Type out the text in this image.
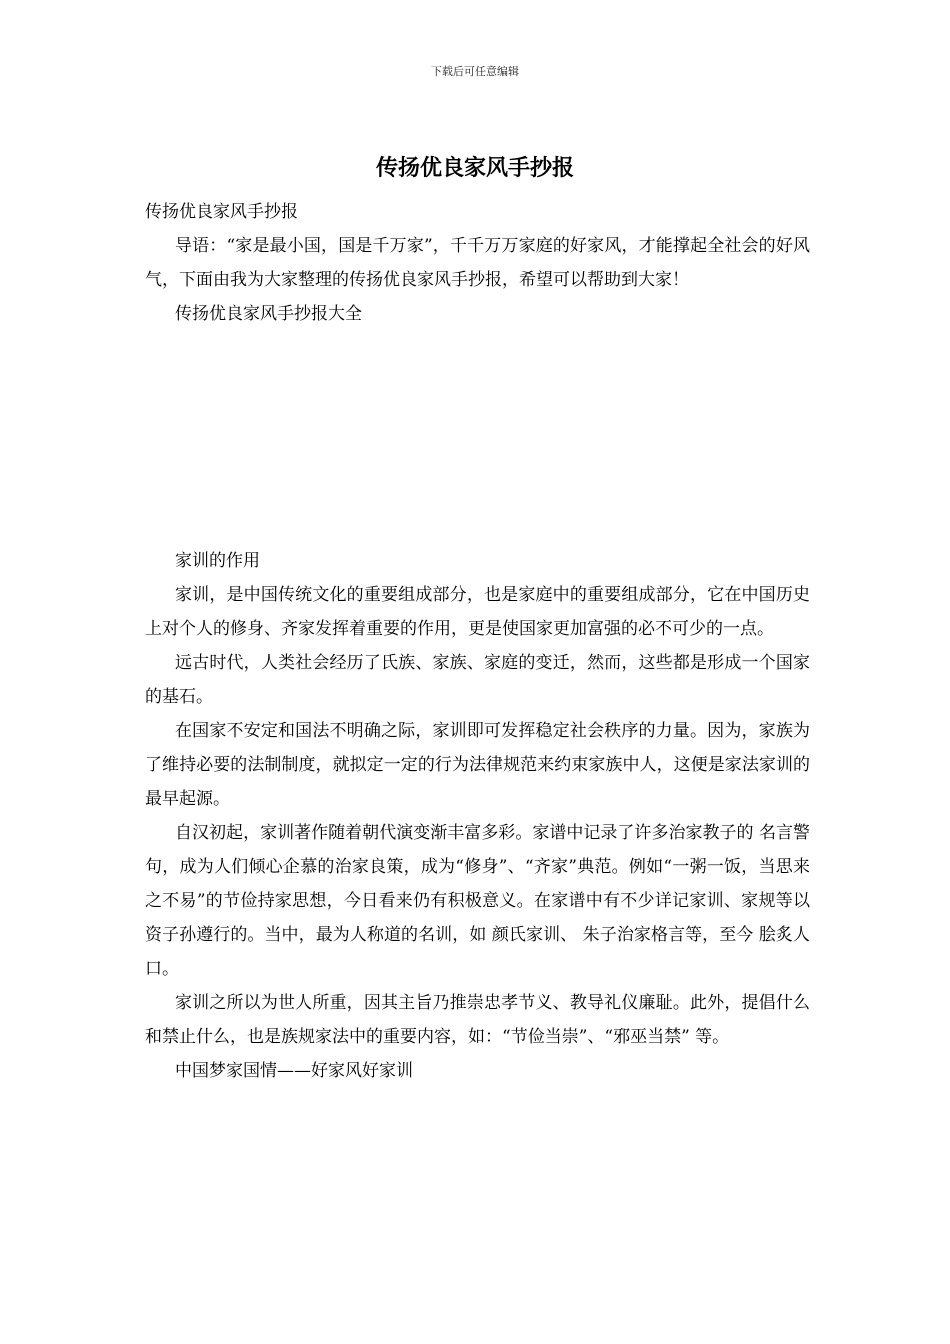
下载后可任意编辑
传扬优良家风手抄报

传扬优良家风手抄报

导语：“家是最小国，国是千万家”，千千万万家庭的好家风，才能撑起全社会的好风气，下面由我为大家整理的传扬优良家风手抄报，希望可以帮助到大家！

传扬优良家风手抄报大全

家训的作用

家训，是中国传统文化的重要组成部分，也是家庭中的重要组成部分，它在中国历史上对个人的修身、齐家发挥着重要的作用，更是使国家更加富强的必不可少的一点。

远古时代，人类社会经历了氏族、家族、家庭的变迁，然而，这些都是形成一个国家的基石。

在国家不安定和国法不明确之际，家训即可发挥稳定社会秩序的力量。因为，家族为了维持必要的法制制度，就拟定一定的行为法律规范来约束家族中人，这便是家法家训的最早起源。

自汉初起，家训著作随着朝代演变渐丰富多彩。家谱中记录了许多治家教子的 名言警句，成为人们倾心企慕的治家良策，成为“修身”、“齐家”典范。例如“一粥一饭，当思来之不易”的节俭持家思想，今日看来仍有积极意义。在家谱中有不少详记家训、家规等以资子孙遵行的。当中，最为人称道的名训，如 颜氏家训、 朱子治家格言等，至今 脍炙人口。

家训之所以为世人所重，因其主旨乃推崇忠孝节义、教导礼仪廉耻。此外，提倡什么和禁止什么，也是族规家法中的重要内容，如：“节俭当崇”、“邪巫当禁” 等。

中国梦家国情——好家风好家训
